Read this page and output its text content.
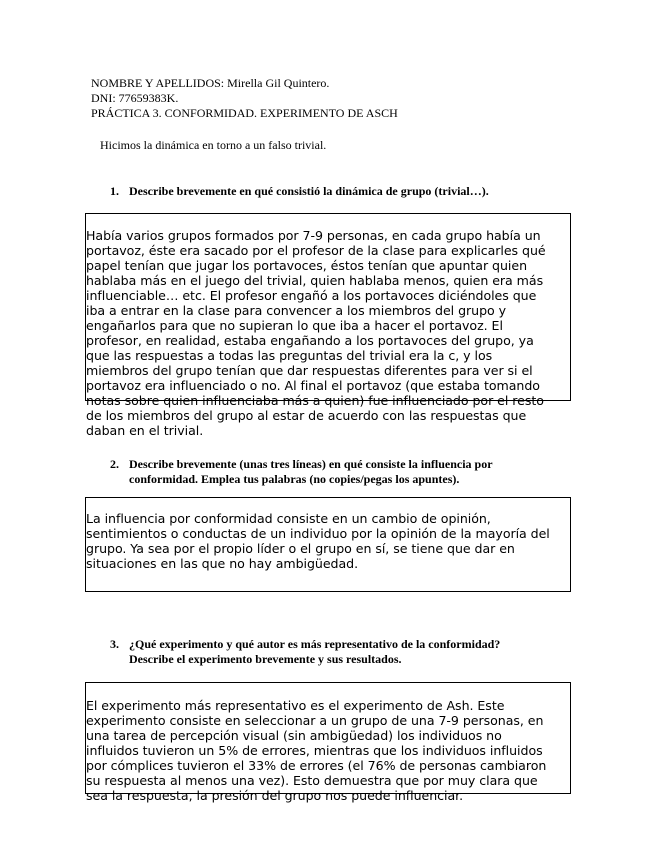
NOMBRE Y APELLIDOS: Mirella Gil Quintero.
DNI: 77659383K.
PRÁCTICA 3. CONFORMIDAD. EXPERIMENTO DE ASCH
Hicimos la dinámica en torno a un falso trivial.
1. Describe brevemente en qué consistió la dinámica de grupo (trivial…).
Había varios grupos formados por 7-9 personas, en cada grupo había un
portavoz, éste era sacado por el profesor de la clase para explicarles qué
papel tenían que jugar los portavoces, éstos tenían que apuntar quien
hablaba más en el juego del trivial, quien hablaba menos, quien era más
influenciable… etc. El profesor engañó a los portavoces diciéndoles que
iba a entrar en la clase para convencer a los miembros del grupo y
engañarlos para que no supieran lo que iba a hacer el portavoz. El
profesor, en realidad, estaba engañando a los portavoces del grupo, ya
que las respuestas a todas las preguntas del trivial era la c, y los
miembros del grupo tenían que dar respuestas diferentes para ver si el
portavoz era influenciado o no. Al final el portavoz (que estaba tomando
notas sobre quien influenciaba más a quien) fue influenciado por el resto
de los miembros del grupo al estar de acuerdo con las respuestas que
daban en el trivial.
2. Describe brevemente (unas tres líneas) en qué consiste la influencia por
conformidad. Emplea tus palabras (no copies/pegas los apuntes).
La influencia por conformidad consiste en un cambio de opinión,
sentimientos o conductas de un individuo por la opinión de la mayoría del
grupo. Ya sea por el propio líder o el grupo en sí, se tiene que dar en
situaciones en las que no hay ambigüedad.
3. ¿Qué experimento y qué autor es más representativo de la conformidad?
Describe el experimento brevemente y sus resultados.
El experimento más representativo es el experimento de Ash. Este
experimento consiste en seleccionar a un grupo de una 7-9 personas, en
una tarea de percepción visual (sin ambigüedad) los individuos no
influidos tuvieron un 5% de errores, mientras que los individuos influidos
por cómplices tuvieron el 33% de errores (el 76% de personas cambiaron
su respuesta al menos una vez). Esto demuestra que por muy clara que
sea la respuesta, la presión del grupo nos puede influenciar.
